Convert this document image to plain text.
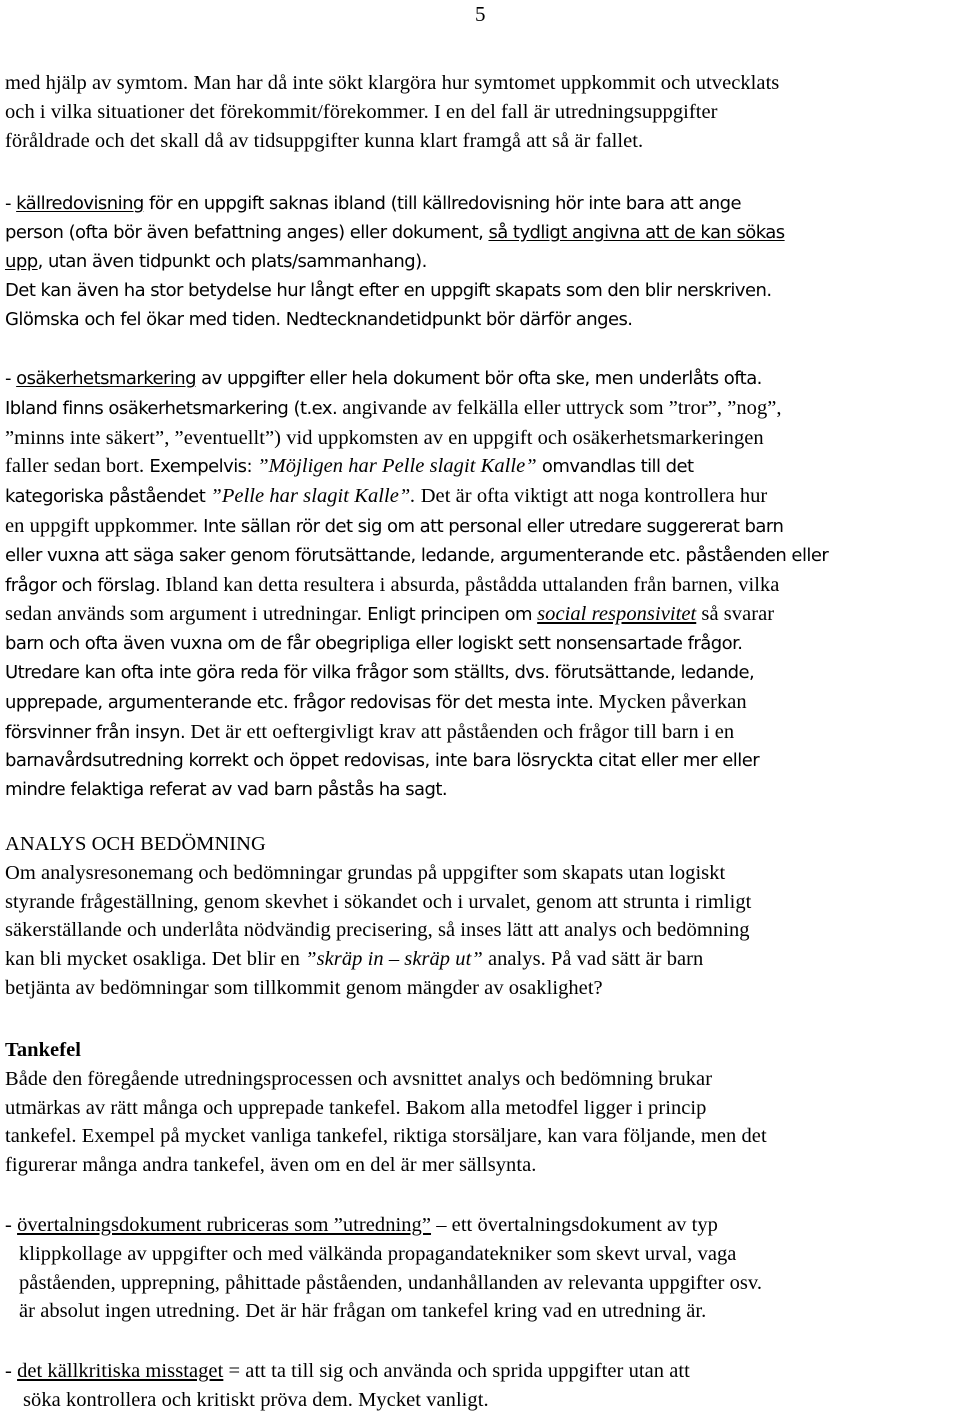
5
med hjälp av symtom. Man har då inte sökt klargöra hur symtomet uppkommit och utvecklats
och i vilka situationer det förekommit/förekommer. I en del fall är utredningsuppgifter
föråldrade och det skall då av tidsuppgifter kunna klart framgå att så är fallet.
- källredovisning för en uppgift saknas ibland (till källredovisning hör inte bara att ange
person (ofta bör även befattning anges) eller dokument, så tydligt angivna att de kan sökas
upp, utan även tidpunkt och plats/sammanhang).
Det kan även ha stor betydelse hur långt efter en uppgift skapats som den blir nerskriven.
Glömska och fel ökar med tiden. Nedtecknandetidpunkt bör därför anges.
- osäkerhetsmarkering av uppgifter eller hela dokument bör ofta ske, men underlåts ofta.
Ibland finns osäkerhetsmarkering (t.ex. angivande av felkälla eller uttryck som ”tror”, ”nog”,
”minns inte säkert”, ”eventuellt”) vid uppkomsten av en uppgift och osäkerhetsmarkeringen
faller sedan bort. Exempelvis: ”Möjligen har Pelle slagit Kalle” omvandlas till det
kategoriska påståendet ”Pelle har slagit Kalle”. Det är ofta viktigt att noga kontrollera hur
en uppgift uppkommer. Inte sällan rör det sig om att personal eller utredare suggererat barn
eller vuxna att säga saker genom förutsättande, ledande, argumenterande etc. påståenden eller
frågor och förslag. Ibland kan detta resultera i absurda, påstådda uttalanden från barnen, vilka
sedan används som argument i utredningar. Enligt principen om social responsivitet så svarar
barn och ofta även vuxna om de får obegripliga eller logiskt sett nonsensartade frågor.
Utredare kan ofta inte göra reda för vilka frågor som ställts, dvs. förutsättande, ledande,
upprepade, argumenterande etc. frågor redovisas för det mesta inte. Mycken påverkan
försvinner från insyn. Det är ett oeftergivligt krav att påståenden och frågor till barn i en
barnavårdsutredning korrekt och öppet redovisas, inte bara lösryckta citat eller mer eller
mindre felaktiga referat av vad barn påstås ha sagt.
ANALYS OCH BEDÖMNING
Om analysresonemang och bedömningar grundas på uppgifter som skapats utan logiskt
styrande frågeställning, genom skevhet i sökandet och i urvalet, genom att strunta i rimligt
säkerställande och underlåta nödvändig precisering, så inses lätt att analys och bedömning
kan bli mycket osakliga. Det blir en ”skräp in – skräp ut” analys. På vad sätt är barn
betjänta av bedömningar som tillkommit genom mängder av osaklighet?
Tankefel
Både den föregående utredningsprocessen och avsnittet analys och bedömning brukar
utmärkas av rätt många och upprepade tankefel. Bakom alla metodfel ligger i princip
tankefel. Exempel på mycket vanliga tankefel, riktiga storsäljare, kan vara följande, men det
figurerar många andra tankefel, även om en del är mer sällsynta.
- övertalningsdokument rubriceras som ”utredning” – ett övertalningsdokument av typ
klippkollage av uppgifter och med välkända propagandatekniker som skevt urval, vaga
påståenden, upprepning, påhittade påståenden, undanhållanden av relevanta uppgifter osv.
är absolut ingen utredning. Det är här frågan om tankefel kring vad en utredning är.
- det källkritiska misstaget = att ta till sig och använda och sprida uppgifter utan att
söka kontrollera och kritiskt pröva dem. Mycket vanligt.
